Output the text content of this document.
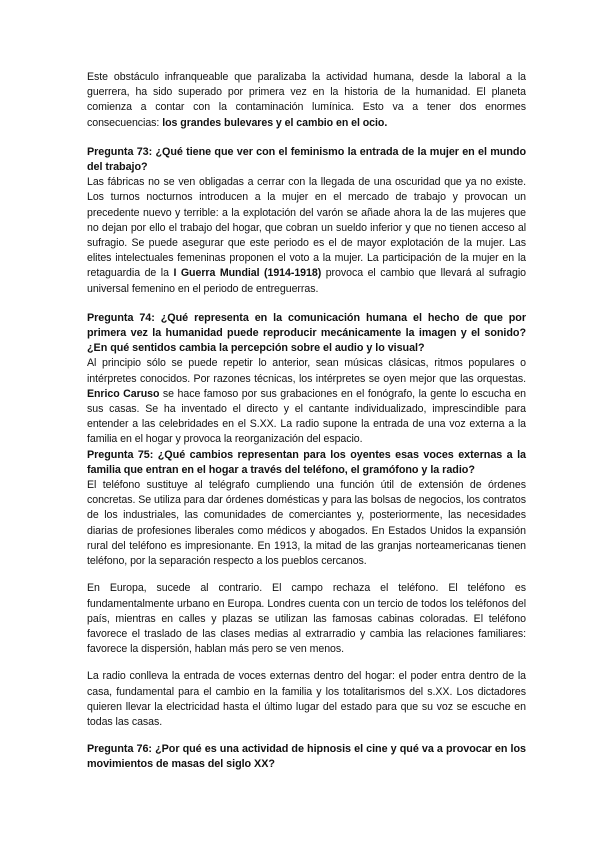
Este obstáculo infranqueable que paralizaba la actividad humana, desde la laboral a la guerrera, ha sido superado por primera vez en la historia de la humanidad. El planeta comienza a contar con la contaminación lumínica. Esto va a tener dos enormes consecuencias: los grandes bulevares y el cambio en el ocio.

Pregunta 73: ¿Qué tiene que ver con el feminismo la entrada de la mujer en el mundo del trabajo?

Las fábricas no se ven obligadas a cerrar con la llegada de una oscuridad que ya no existe. Los turnos nocturnos introducen a la mujer en el mercado de trabajo y provocan un precedente nuevo y terrible: a la explotación del varón se añade ahora la de las mujeres que no dejan por ello el trabajo del hogar, que cobran un sueldo inferior y que no tienen acceso al sufragio. Se puede asegurar que este periodo es el de mayor explotación de la mujer. Las elites intelectuales femeninas proponen el voto a la mujer. La participación de la mujer en la retaguardia de la I Guerra Mundial (1914-1918) provoca el cambio que llevará al sufragio universal femenino en el periodo de entreguerras.

Pregunta 74: ¿Qué representa en la comunicación humana el hecho de que por primera vez la humanidad puede reproducir mecánicamente la imagen y el sonido? ¿En qué sentidos cambia la percepción sobre el audio y lo visual?

Al principio sólo se puede repetir lo anterior, sean músicas clásicas, ritmos populares o intérpretes conocidos. Por razones técnicas, los intérpretes se oyen mejor que las orquestas. Enrico Caruso se hace famoso por sus grabaciones en el fonógrafo, la gente lo escucha en sus casas. Se ha inventado el directo y el cantante individualizado, imprescindible para entender a las celebridades en el S.XX. La radio supone la entrada de una voz externa a la familia en el hogar y provoca la reorganización del espacio.

Pregunta 75: ¿Qué cambios representan para los oyentes esas voces externas a la familia que entran en el hogar a través del teléfono, el gramófono y la radio?

El teléfono sustituye al telégrafo cumpliendo una función útil de extensión de órdenes concretas. Se utiliza para dar órdenes domésticas y para las bolsas de negocios, los contratos de los industriales, las comunidades de comerciantes y, posteriormente, las necesidades diarias de profesiones liberales como médicos y abogados. En Estados Unidos la expansión rural del teléfono es impresionante. En 1913, la mitad de las granjas norteamericanas tienen teléfono, por la separación respecto a los pueblos cercanos.

En Europa, sucede al contrario. El campo rechaza el teléfono. El teléfono es fundamentalmente urbano en Europa. Londres cuenta con un tercio de todos los teléfonos del país, mientras en calles y plazas se utilizan las famosas cabinas coloradas. El teléfono favorece el traslado de las clases medias al extrarradio y cambia las relaciones familiares: favorece la dispersión, hablan más pero se ven menos.

La radio conlleva la entrada de voces externas dentro del hogar: el poder entra dentro de la casa, fundamental para el cambio en la familia y los totalitarismos del s.XX. Los dictadores quieren llevar la electricidad hasta el último lugar del estado para que su voz se escuche en todas las casas.

Pregunta 76: ¿Por qué es una actividad de hipnosis el cine y qué va a provocar en los movimientos de masas del siglo XX?
